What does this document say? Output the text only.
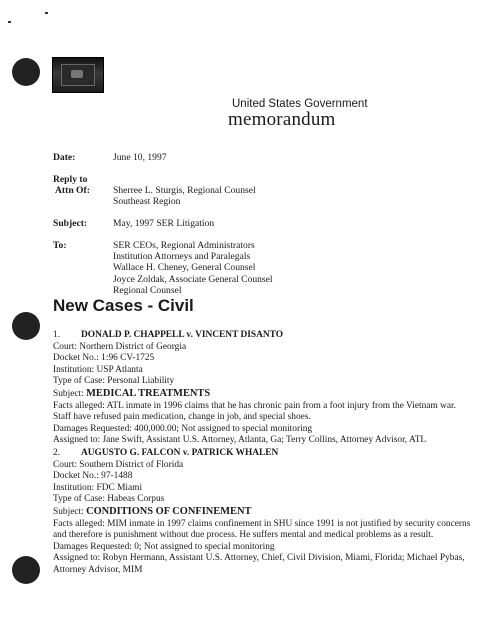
United States Government
memorandum
Date:	June 10, 1997
Reply to
Attn Of: Sherree L. Sturgis, Regional Counsel
Southeast Region
Subject:	May, 1997 SER Litigation
To:	SER CEOs, Regional Administrators
Institution Attorneys and Paralegals
Wallace H. Cheney, General Counsel
Joyce Zoldak, Associate General Counsel
Regional Counsel
New Cases - Civil
1. DONALD P. CHAPPELL v. VINCENT DISANTO
Court: Northern District of Georgia
Docket No.: 1:96 CV-1725
Institution: USP Atlanta
Type of Case: Personal Liability
Subject: MEDICAL TREATMENTS
Facts alleged: ATL inmate in 1996 claims that he has chronic pain from a foot injury from the Vietnam war. Staff have refused pain medication, change in job, and special shoes.
Damages Requested: 400,000.00; Not assigned to special monitoring
Assigned to: Jane Swift, Assistant U.S. Attorney, Atlanta, Ga; Terry Collins, Attorney Advisor, ATL
2. AUGUSTO G. FALCON v. PATRICK WHALEN
Court: Southern District of Florida
Docket No.: 97-1488
Institution: FDC Miami
Type of Case: Habeas Corpus
Subject: CONDITIONS OF CONFINEMENT
Facts alleged: MIM inmate in 1997 claims confinement in SHU since 1991 is not justified by security concerns and therefore is punishment without due process. He suffers mental and medical problems as a result.
Damages Requested: 0; Not assigned to special monitoring
Assigned to: Robyn Hermann, Assistant U.S. Attorney, Chief, Civil Division, Miami, Florida; Michael Pybas, Attorney Advisor, MIM
